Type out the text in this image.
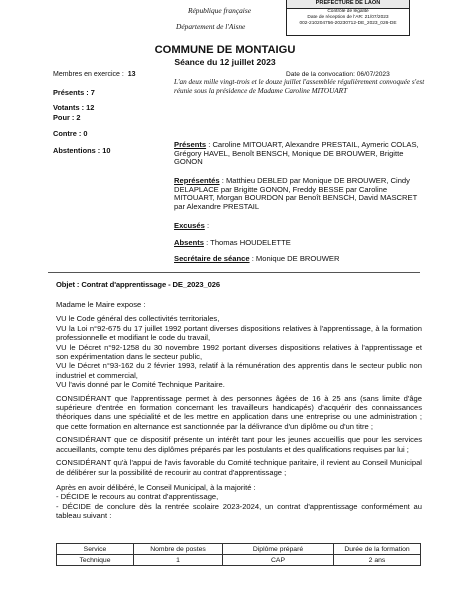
République française
Département de l'Aisne
PREFECTURE DE LAON
Contrôle de légalité
Date de réception de l'AR: 21/07/2023
002-210204756-20230712-DE_2023_026-DE
COMMUNE DE MONTAIGU
Séance du 12 juillet 2023
Membres en exercice : 13
Présents : 7
Votants : 12
Pour : 2
Contre : 0
Abstentions : 10
Date de la convocation: 06/07/2023
L'an deux mille vingt-trois et le douze juillet l'assemblée régulièrement convoquée s'est réunie sous la présidence de Madame Caroline MITOUART
Présents : Caroline MITOUART, Alexandre PRESTAIL, Aymeric COLAS, Grégory HAVEL, Benoît BENSCH, Monique DE BROUWER, Brigitte GONON
Représentés : Matthieu DEBLED par Monique DE BROUWER, Cindy DELAPLACE par Brigitte GONON, Freddy BESSE par Caroline MITOUART, Morgan BOURDON par Benoît BENSCH, David MASCRET par Alexandre PRESTAIL
Excusés :
Absents : Thomas HOUDELETTE
Secrétaire de séance : Monique DE BROUWER
Objet : Contrat d'apprentissage - DE_2023_026

Madame le Maire expose :

VU le Code général des collectivités territoriales,

VU la Loi n°92-675 du 17 juillet 1992 portant diverses dispositions relatives à l'apprentissage, à la formation professionnelle et modifiant le code du travail,

VU le Décret n°92-1258 du 30 novembre 1992 portant diverses dispositions relatives à l'apprentissage et son expérimentation dans le secteur public,

VU le Décret n°93-162 du 2 février 1993, relatif à la rémunération des apprentis dans le secteur public non industriel et commercial,

VU l'avis donné par le Comité Technique Paritaire.

CONSIDÉRANT que l'apprentissage permet à des personnes âgées de 16 à 25 ans (sans limite d'âge supérieure d'entrée en formation concernant les travailleurs handicapés) d'acquérir des connaissances théoriques dans une spécialité et de les mettre en application dans une entreprise ou une administration ; que cette formation en alternance est sanctionnée par la délivrance d'un diplôme ou d'un titre ;

CONSIDÉRANT que ce dispositif présente un intérêt tant pour les jeunes accueillis que pour les services accueillants, compte tenu des diplômes préparés par les postulants et des qualifications requises par lui ;

CONSIDÉRANT qu'à l'appui de l'avis favorable du Comité technique paritaire, il revient au Conseil Municipal de délibérer sur la possibilité de recourir au contrat d'apprentissage ;

Après en avoir délibéré, le Conseil Municipal, à la majorité :

- DÉCIDE le recours au contrat d'apprentissage,

- DÉCIDE de conclure dès la rentrée scolaire 2023-2024, un contrat d'apprentissage conformément au tableau suivant :

Service	Nombre de postes	Diplôme préparé	Durée de la formation
Technique	1	CAP	2 ans
